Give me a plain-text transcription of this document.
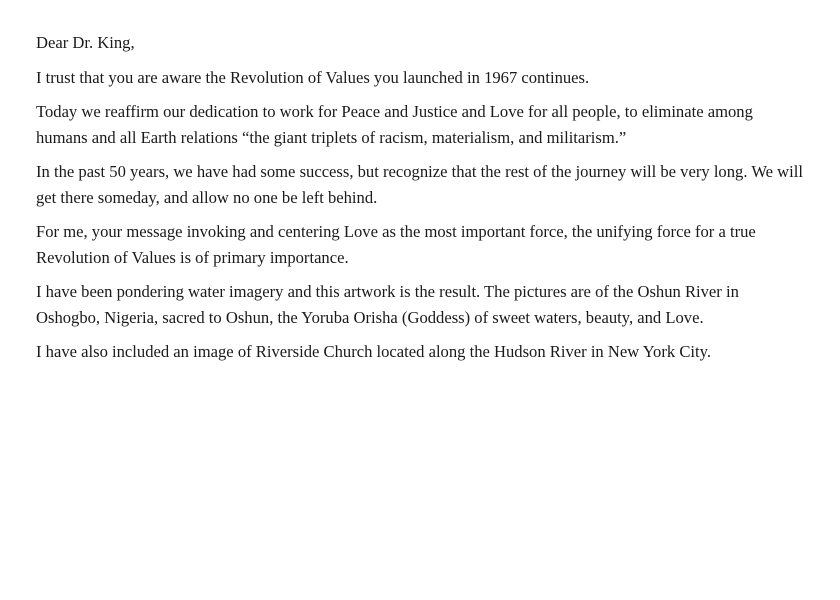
Dear Dr. King,

I trust that you are aware the Revolution of Values you launched in 1967 continues.

Today we reaffirm our dedication to work for Peace and Justice and Love for all people, to eliminate among humans and all Earth relations “the giant triplets of racism, materialism, and militarism.”

In the past 50 years, we have had some success, but recognize that the rest of the journey will be very long. We will get there someday, and allow no one be left behind.

For me, your message invoking and centering Love as the most important force, the unifying force for a true Revolution of Values is of primary importance.

I have been pondering water imagery and this artwork is the result. The pictures are of the Oshun River in Oshogbo, Nigeria, sacred to Oshun, the Yoruba Orisha (Goddess) of sweet waters, beauty, and Love.

I have also included an image of Riverside Church located along the Hudson River in New York City.
